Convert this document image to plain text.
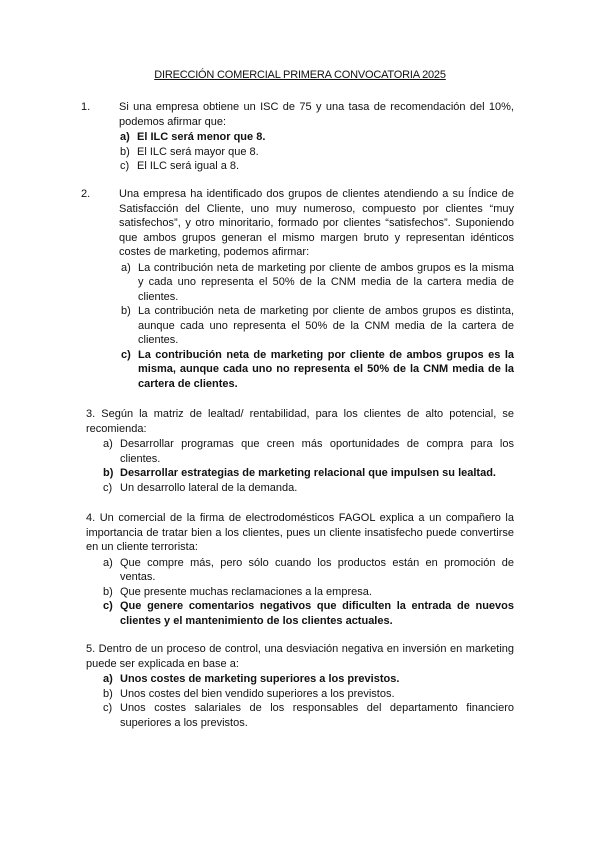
DIRECCIÓN COMERCIAL PRIMERA CONVOCATORIA 2025
1.	Si una empresa obtiene un ISC de 75 y una tasa de recomendación del 10%, podemos afirmar que:
a) El ILC será menor que 8.
b) El ILC será mayor que 8.
c) El ILC será igual a 8.
2.	Una empresa ha identificado dos grupos de clientes atendiendo a su Índice de Satisfacción del Cliente, uno muy numeroso, compuesto por clientes “muy satisfechos”, y otro minoritario, formado por clientes “satisfechos”. Suponiendo que ambos grupos generan el mismo margen bruto y representan idénticos costes de marketing, podemos afirmar:
a) La contribución neta de marketing por cliente de ambos grupos es la misma y cada uno representa el 50% de la CNM media de la cartera media de clientes.
b) La contribución neta de marketing por cliente de ambos grupos es distinta, aunque cada uno representa el 50% de la CNM media de la cartera de clientes.
c) La contribución neta de marketing por cliente de ambos grupos es la misma, aunque cada uno no representa el 50% de la CNM media de la cartera de clientes.
3. Según la matriz de lealtad/ rentabilidad, para los clientes de alto potencial, se recomienda:
a) Desarrollar programas que creen más oportunidades de compra para los clientes.
b) Desarrollar estrategias de marketing relacional que impulsen su lealtad.
c) Un desarrollo lateral de la demanda.
4. Un comercial de la firma de electrodomésticos FAGOL explica a un compañero la importancia de tratar bien a los clientes, pues un cliente insatisfecho puede convertirse en un cliente terrorista:
a) Que compre más, pero sólo cuando los productos están en promoción de ventas.
b) Que presente muchas reclamaciones a la empresa.
c) Que genere comentarios negativos que dificulten la entrada de nuevos clientes y el mantenimiento de los clientes actuales.
5. Dentro de un proceso de control, una desviación negativa en inversión en marketing puede ser explicada en base a:
a) Unos costes de marketing superiores a los previstos.
b) Unos costes del bien vendido superiores a los previstos.
c) Unos costes salariales de los responsables del departamento financiero superiores a los previstos.
